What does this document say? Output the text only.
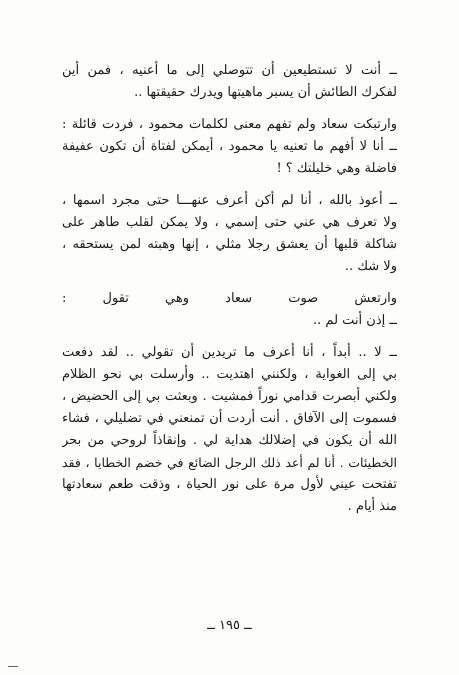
ــ أنت لا تستطيعين أن تتوصلي إلى ما أعنيه ، فمن أين
لفكرك الطائش أن يسبر ماهيتها ويدرك حقيقتها ..
وارتبكت سعاد ولم تفهم معنى لكلمات محمود ، فردت قائلة :
ــ أنا لا أفهم ما تعنيه يا محمود ، أيمكن لفتاة أن تكون عفيفة
فاضلة وهي خليلتك ؟ !
ــ أعوذ بالله ، أنا لم أكن أعرف عنهـــا حتى مجرد اسمها ،
ولا تعرف هي عني حتى إسمي ، ولا يمكن لقلب طاهر على
شاكلة قلبها أن يعشق رجلا مثلي ، إنها وهبته لمن يستحقه ،
ولا شك ..
وارتعش صوت سعاد وهي تقول :
ــ إذن أنت لم ..
ــ لا .. أبداً ، أنا أعرف ما تريدين أن تقولي .. لقد دفعت
بي إلى الغواية ، ولكنني اهتديت .. وأرسلت بي نحو الظلام
ولكني أبصرت قدامي نوراً فمشيت . وبعثت بي إلى الحضيض ،
فسموت إلى الآفاق . أنت أردت أن تمنعني في تضليلي ، فشاء
الله أن يكون في إضلالك هداية لي . وإنقاذاً لروحي من بحر
الخطيئات . أنا لم أعد ذلك الرجل الضائع في خضم الخطايا ، فقد
تفتحت عيني لأول مرة على نور الحياة ، وذقت طعم سعادتها
منذ أيام .
ــ ١٩٥ ــ
